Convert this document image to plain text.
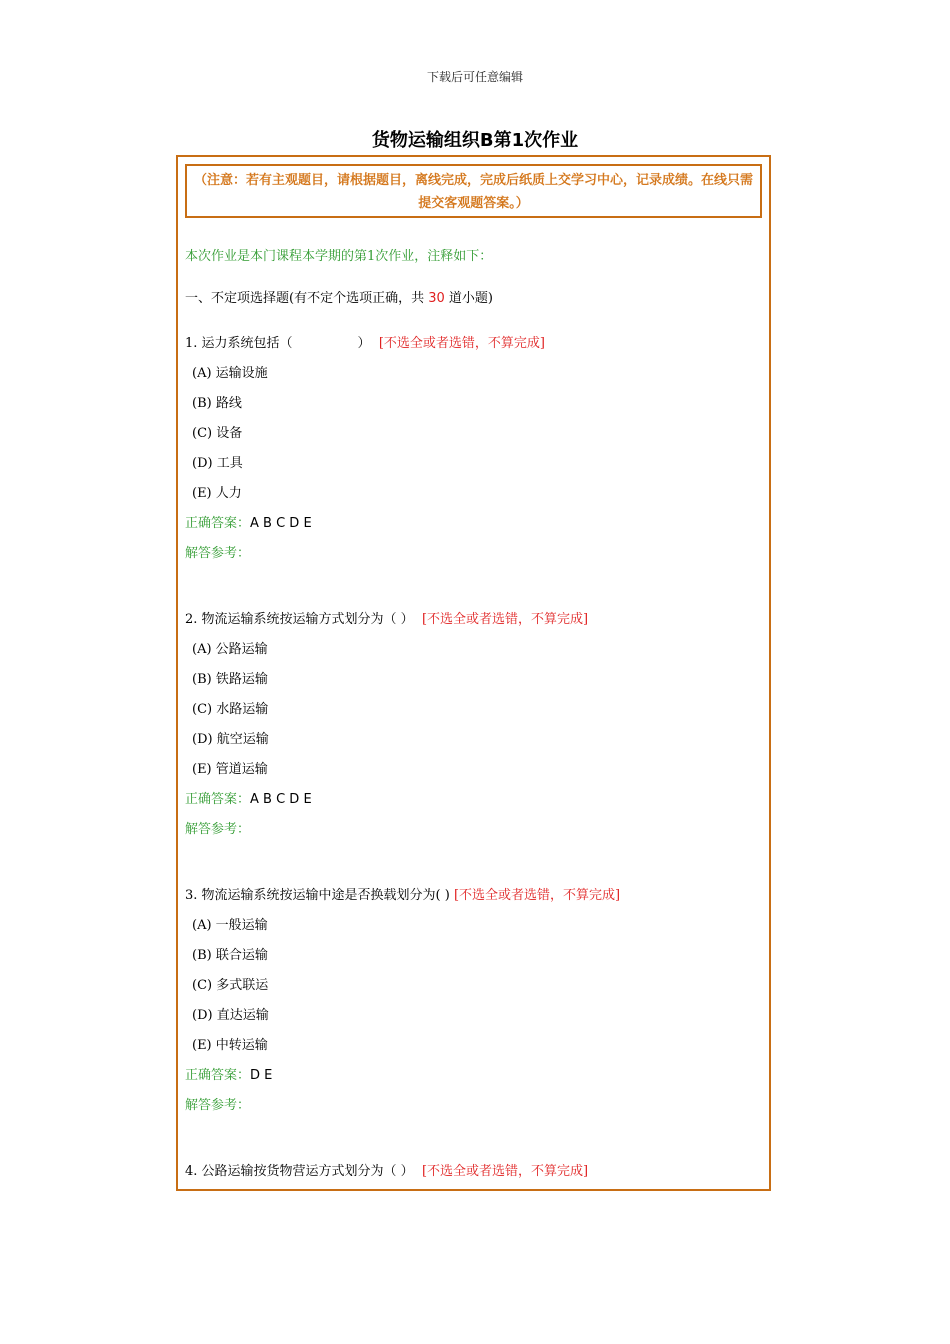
下载后可任意编辑
货物运输组织B第1次作业
（注意：若有主观题目，请根据题目，离线完成，完成后纸质上交学习中心，记录成绩。在线只需提交客观题答案。）
本次作业是本门课程本学期的第1次作业，注释如下：
一、不定项选择题(有不定个选项正确，共 30 道小题)
1. 运力系统包括（　　　　　） [不选全或者选错，不算完成]
(A) 运输设施
(B) 路线
(C) 设备
(D) 工具
(E) 人力
正确答案：A B C D E
解答参考：
2. 物流运输系统按运输方式划分为（ ） [不选全或者选错，不算完成]
(A) 公路运输
(B) 铁路运输
(C) 水路运输
(D) 航空运输
(E) 管道运输
正确答案：A B C D E
解答参考：
3. 物流运输系统按运输中途是否换载划分为( ) [不选全或者选错，不算完成]
(A) 一般运输
(B) 联合运输
(C) 多式联运
(D) 直达运输
(E) 中转运输
正确答案：D E
解答参考：
4. 公路运输按货物营运方式划分为（ ） [不选全或者选错，不算完成]
